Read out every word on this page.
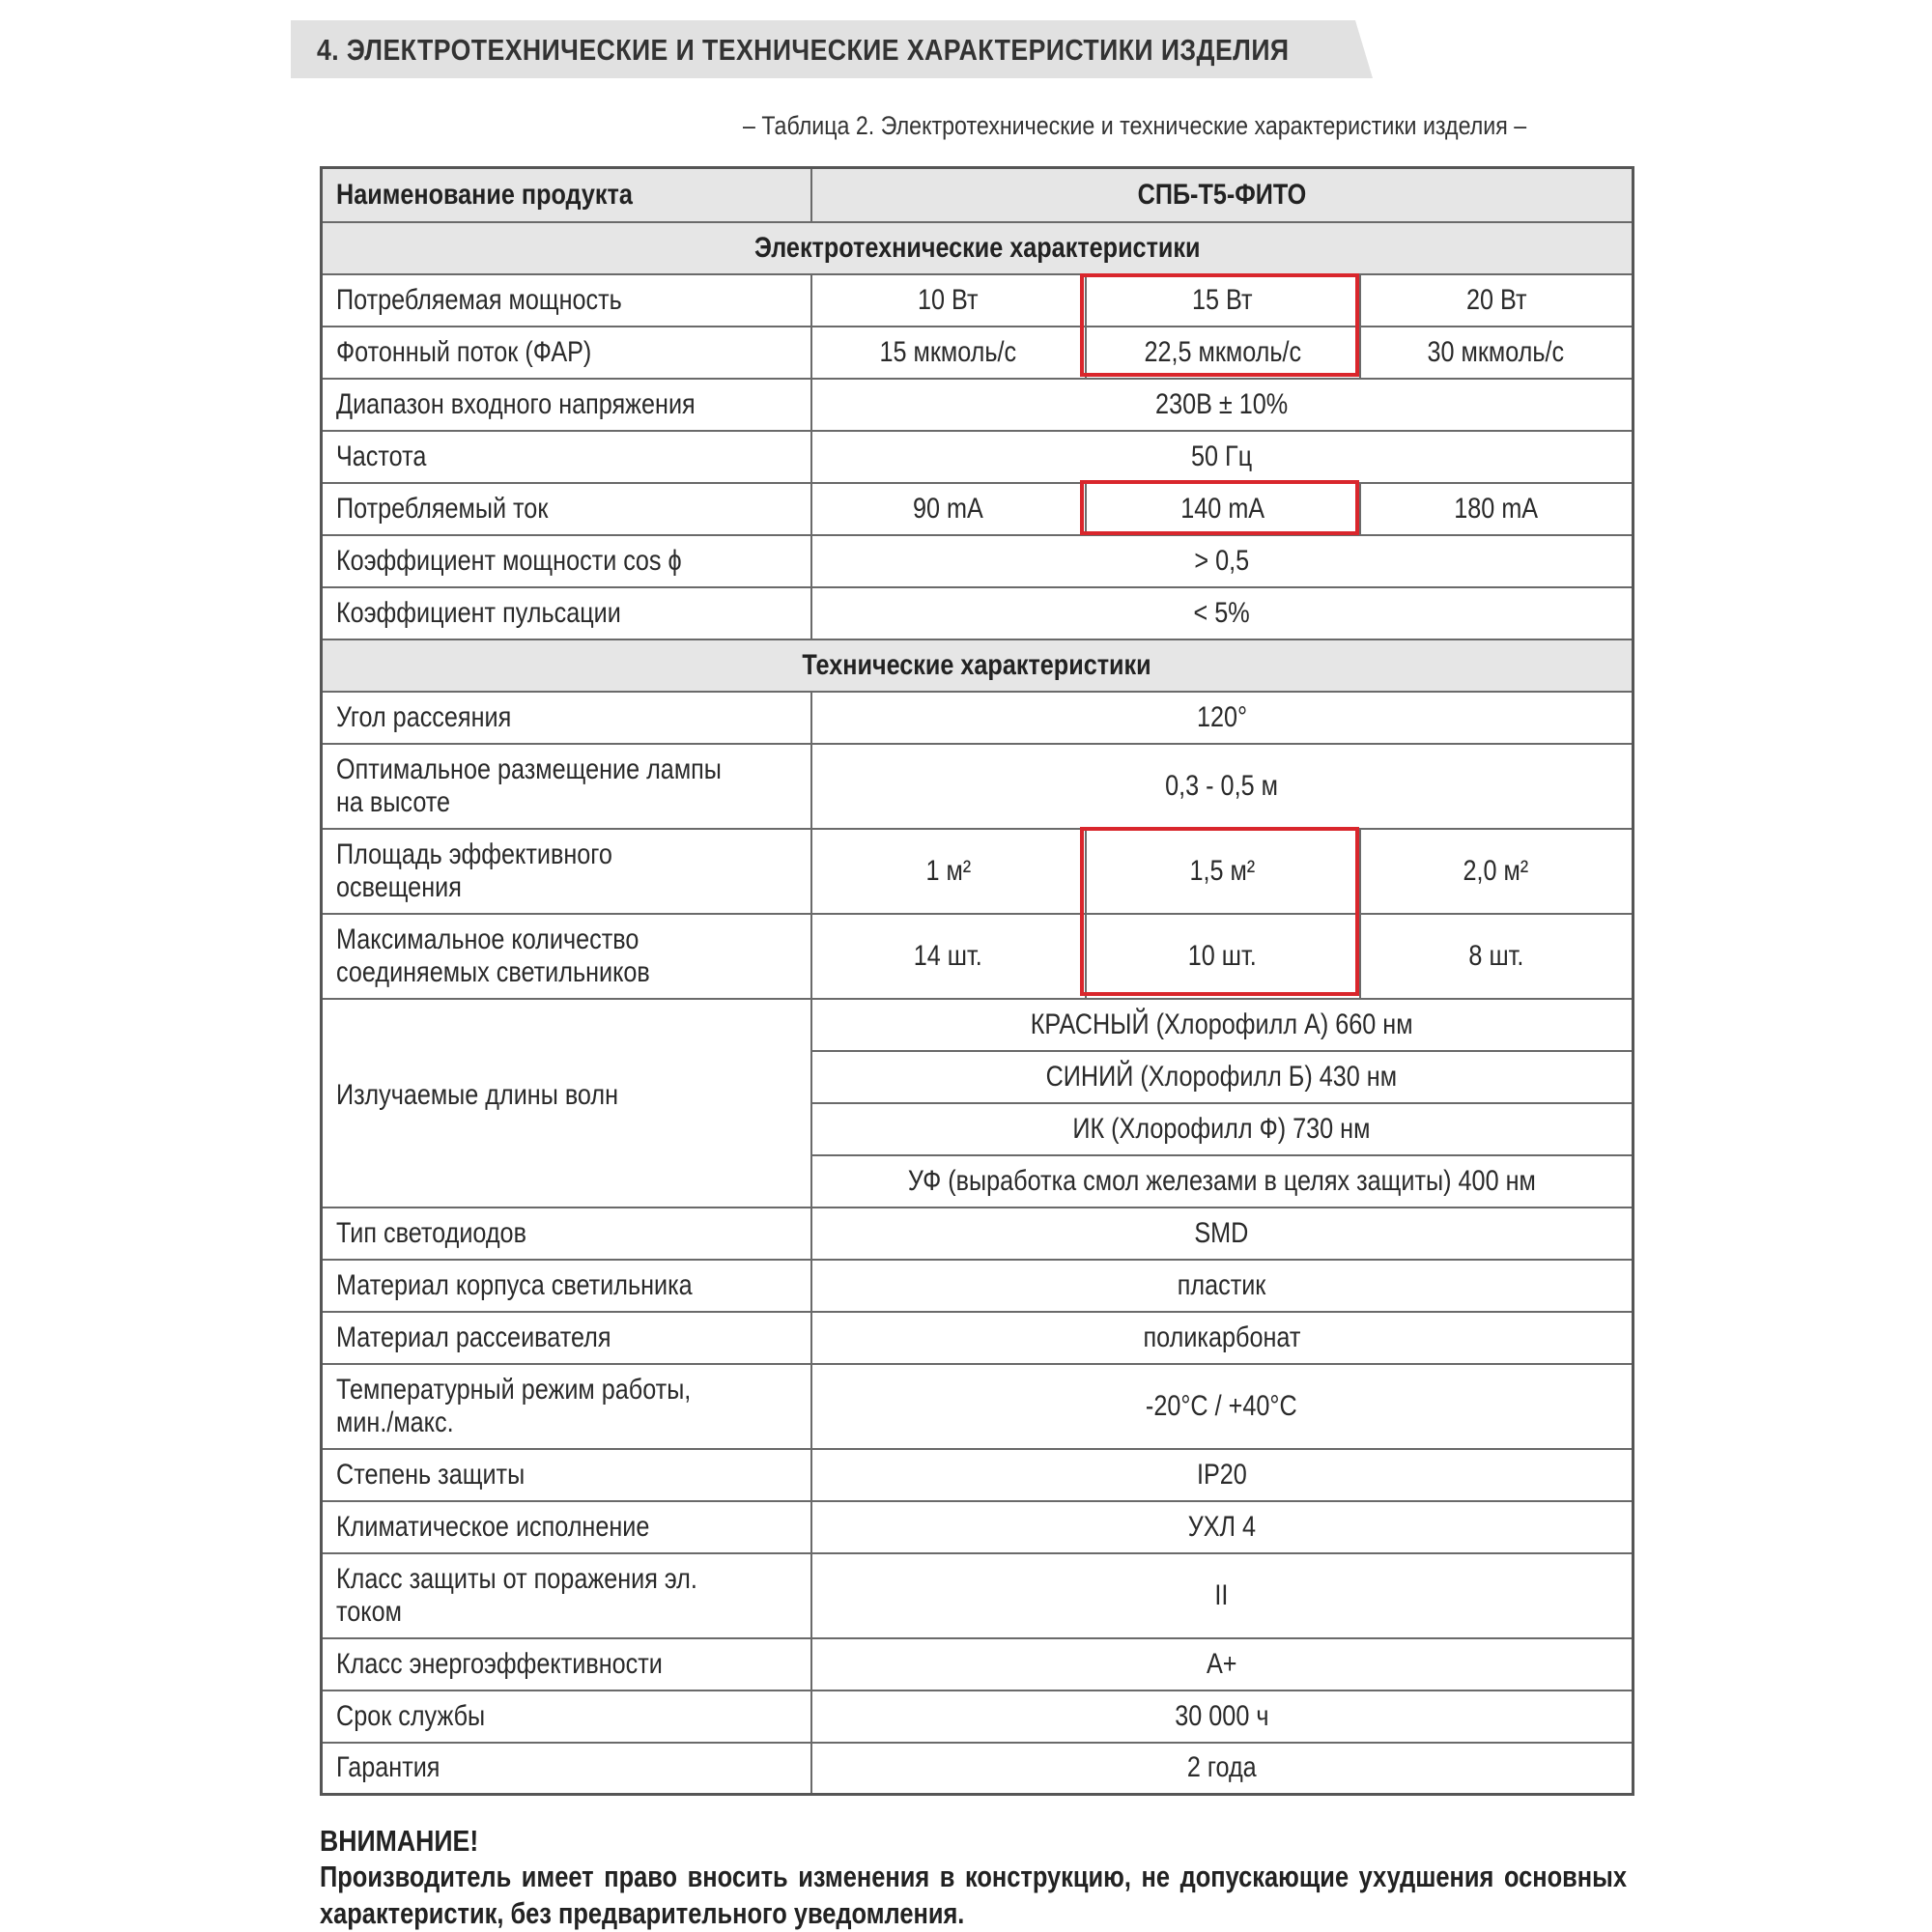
4. ЭЛЕКТРОТЕХНИЧЕСКИЕ И ТЕХНИЧЕСКИЕ ХАРАКТЕРИСТИКИ ИЗДЕЛИЯ
– Таблица 2. Электротехнические и технические характеристики изделия –
Наименование продукта	СПБ-Т5-ФИТО		
Электротехнические характеристики			
Потребляемая мощность	10 Вт	15 Вт	20 Вт
Фотонный поток (ФАР)	15 мкмоль/с	22,5 мкмоль/с	30 мкмоль/с
Диапазон входного напряжения	230В ± 10%		
Частота	50 Гц		
Потребляемый ток	90 mA	140 mA	180 mA
Коэффициент мощности cos ϕ	> 0,5		
Коэффициент пульсации	< 5%		
Технические характеристики			
Угол рассеяния	120°		
Оптимальное размещение лампы
на высоте	0,3 - 0,5 м		
Площадь эффективного
освещения	1 м²	1,5 м²	2,0 м²
Максимальное количество
соединяемых светильников	14 шт.	10 шт.	8 шт.
Излучаемые длины волн	КРАСНЫЙ (Хлорофилл А) 660 нм		
	СИНИЙ (Хлорофилл Б) 430 нм		
	ИК (Хлорофилл Ф) 730 нм		
	УФ (выработка смол железами в целях защиты) 400 нм		
Тип светодиодов	SMD		
Материал корпуса светильника	пластик		
Материал рассеивателя	поликарбонат		
Температурный режим работы,
мин./макс.	-20°С / +40°С		
Степень защиты	IP20		
Климатическое исполнение	УХЛ 4		
Класс защиты от поражения эл.
током	II		
Класс энергоэффективности	А+		
Срок службы	30 000 ч		
Гарантия	2 года		
ВНИМАНИЕ!
Производитель имеет право вносить изменения в конструкцию, не допускающие ухудшения основных характеристик, без предварительного уведомления.
